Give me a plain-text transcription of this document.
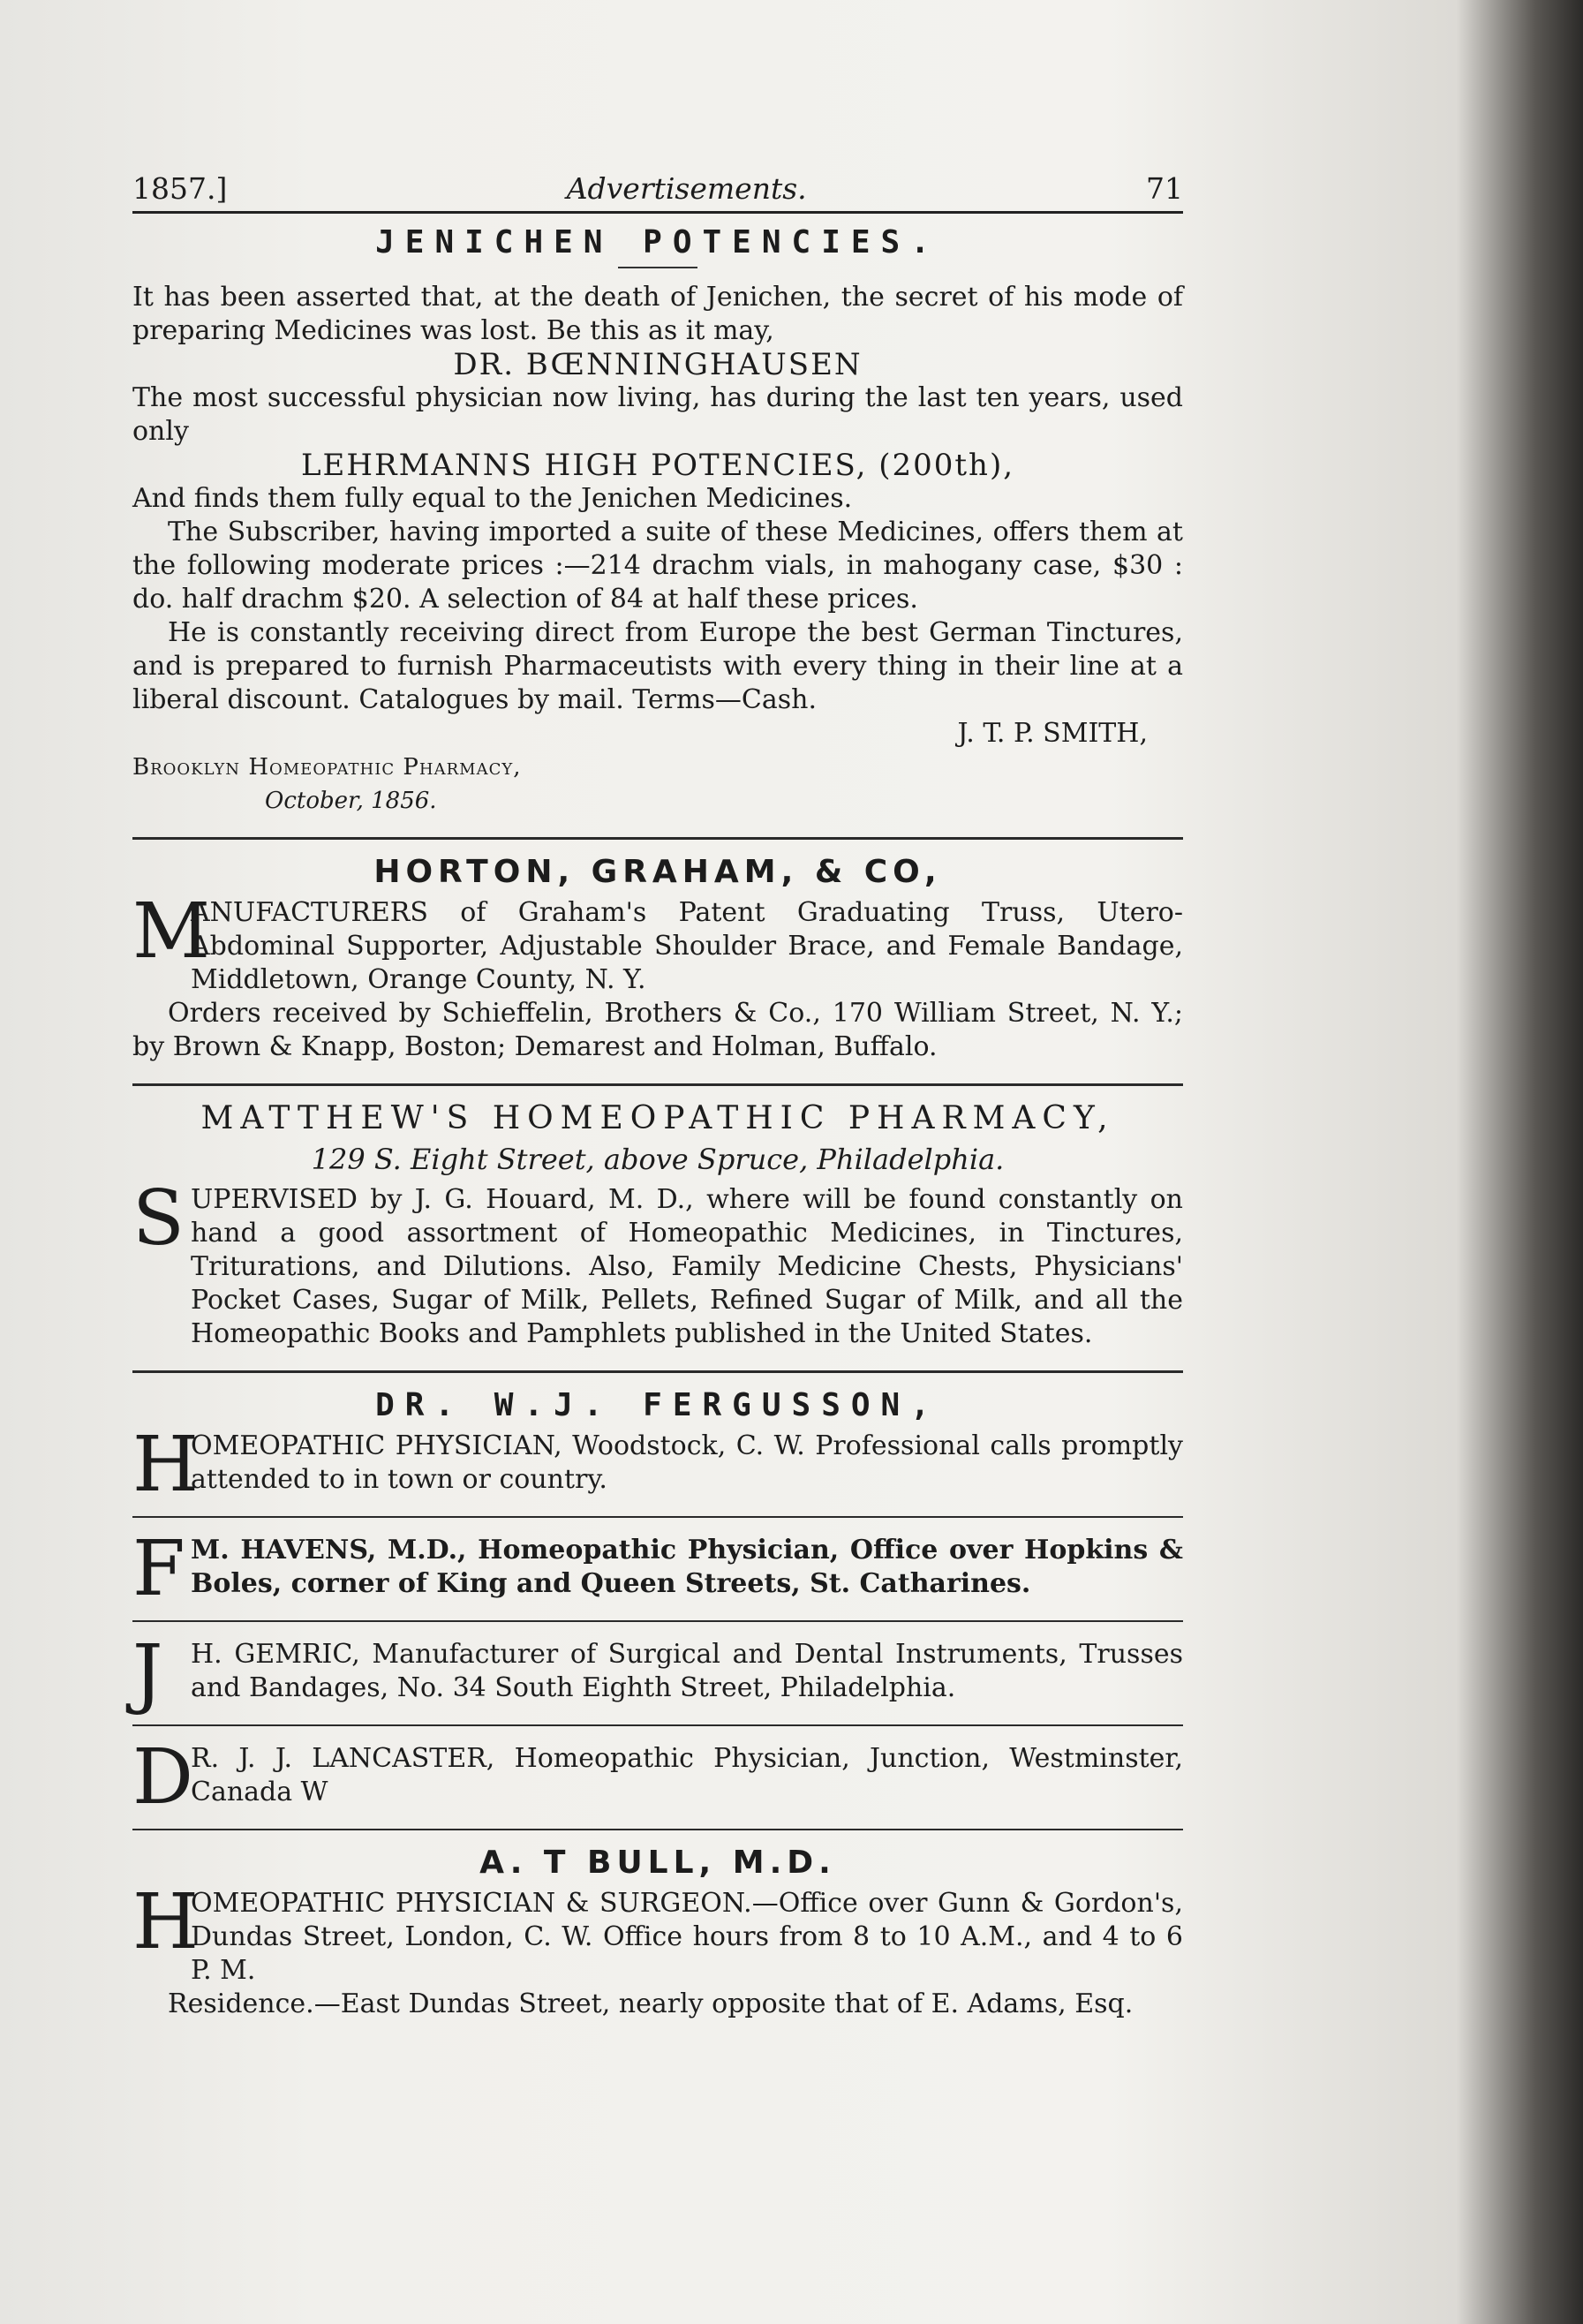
1857.]	Advertisements.	71
JENICHEN POTENCIES.

It has been asserted that, at the death of Jenichen, the secret of his mode of preparing Medicines was lost. Be this as it may,

DR. BŒNNINGHAUSEN

The most successful physician now living, has during the last ten years, used only

LEHRMANNS HIGH POTENCIES, (200th),

And finds them fully equal to the Jenichen Medicines.

The Subscriber, having imported a suite of these Medicines, offers them at the following moderate prices :—214 drachm vials, in mahogany case, $30 : do. half drachm $20. A selection of 84 at half these prices.

He is constantly receiving direct from Europe the best German Tinctures, and is prepared to furnish Pharmaceutists with every thing in their line at a liberal discount. Catalogues by mail. Terms—Cash.

J. T. P. SMITH,
Brooklyn Homeopathic Pharmacy,
October, 1856.
HORTON, GRAHAM, & CO,
M

ANUFACTURERS of Graham's Patent Graduating Truss, Utero-Abdominal Supporter, Adjustable Shoulder Brace, and Female Bandage, Middletown, Orange County, N. Y.

Orders received by Schieffelin, Brothers & Co., 170 William Street, N. Y.; by Brown & Knapp, Boston; Demarest and Holman, Buffalo.

MATTHEW'S HOMEOPATHIC PHARMACY,
129 S. Eight Street, above Spruce, Philadelphia.
S UPERVISED by J. G. Houard, M. D., where will be found constantly on hand a good assortment of Homeopathic Medicines, in Tinctures, Triturations, and Dilutions. Also, Family Medicine Chests, Physicians' Pocket Cases, Sugar of Milk, Pellets, Refined Sugar of Milk, and all the Homeopathic Books and Pamphlets published in the United States.

DR. W.J. FERGUSSON,
H

OMEOPATHIC PHYSICIAN, Woodstock, C. W. Professional calls promptly attended to in town or country.

F M. HAVENS, M.D., Homeopathic Physician, Office over Hopkins & Boles, corner of King and Queen Streets, St. Catharines.

J H. GEMRIC, Manufacturer of Surgical and Dental Instruments, Trusses and Bandages, No. 34 South Eighth Street, Philadelphia.

D

R. J. J. LANCASTER, Homeopathic Physician, Junction, Westminster, Canada W

A. T BULL, M.D.
H

OMEOPATHIC PHYSICIAN & SURGEON.—Office over Gunn & Gordon's, Dundas Street, London, C. W. Office hours from 8 to 10 A.M., and 4 to 6 P. M.

Residence.—East Dundas Street, nearly opposite that of E. Adams, Esq.
